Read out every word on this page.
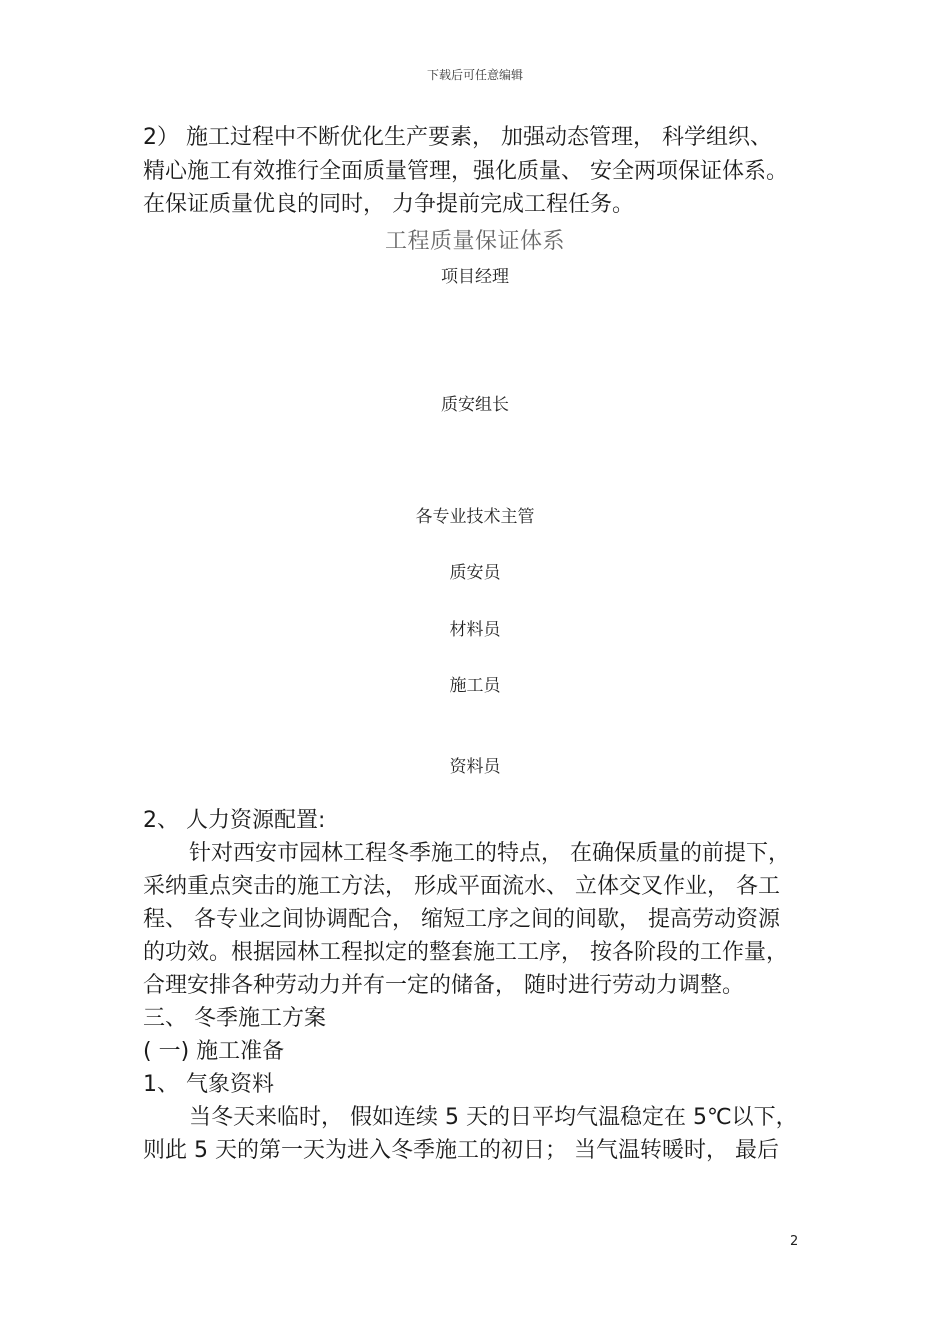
下载后可任意编辑
2） 施工过程中不断优化生产要素， 加强动态管理， 科学组织、
精心施工有效推行全面质量管理，强化质量、 安全两项保证体系。
在保证质量优良的同时， 力争提前完成工程任务。
工程质量保证体系
项目经理
质安组长
各专业技术主管
质安员
材料员
施工员
资料员
2、 人力资源配置:
针对西安市园林工程冬季施工的特点， 在确保质量的前提下，
采纳重点突击的施工方法， 形成平面流水、 立体交叉作业， 各工
程、 各专业之间协调配合， 缩短工序之间的间歇， 提高劳动资源
的功效。根据园林工程拟定的整套施工工序， 按各阶段的工作量，
合理安排各种劳动力并有一定的储备， 随时进行劳动力调整。
三、 冬季施工方案
( 一) 施工准备
1、 气象资料
当冬天来临时， 假如连续 5 天的日平均气温稳定在 5℃以下，
则此 5 天的第一天为进入冬季施工的初日； 当气温转暖时， 最后
2
